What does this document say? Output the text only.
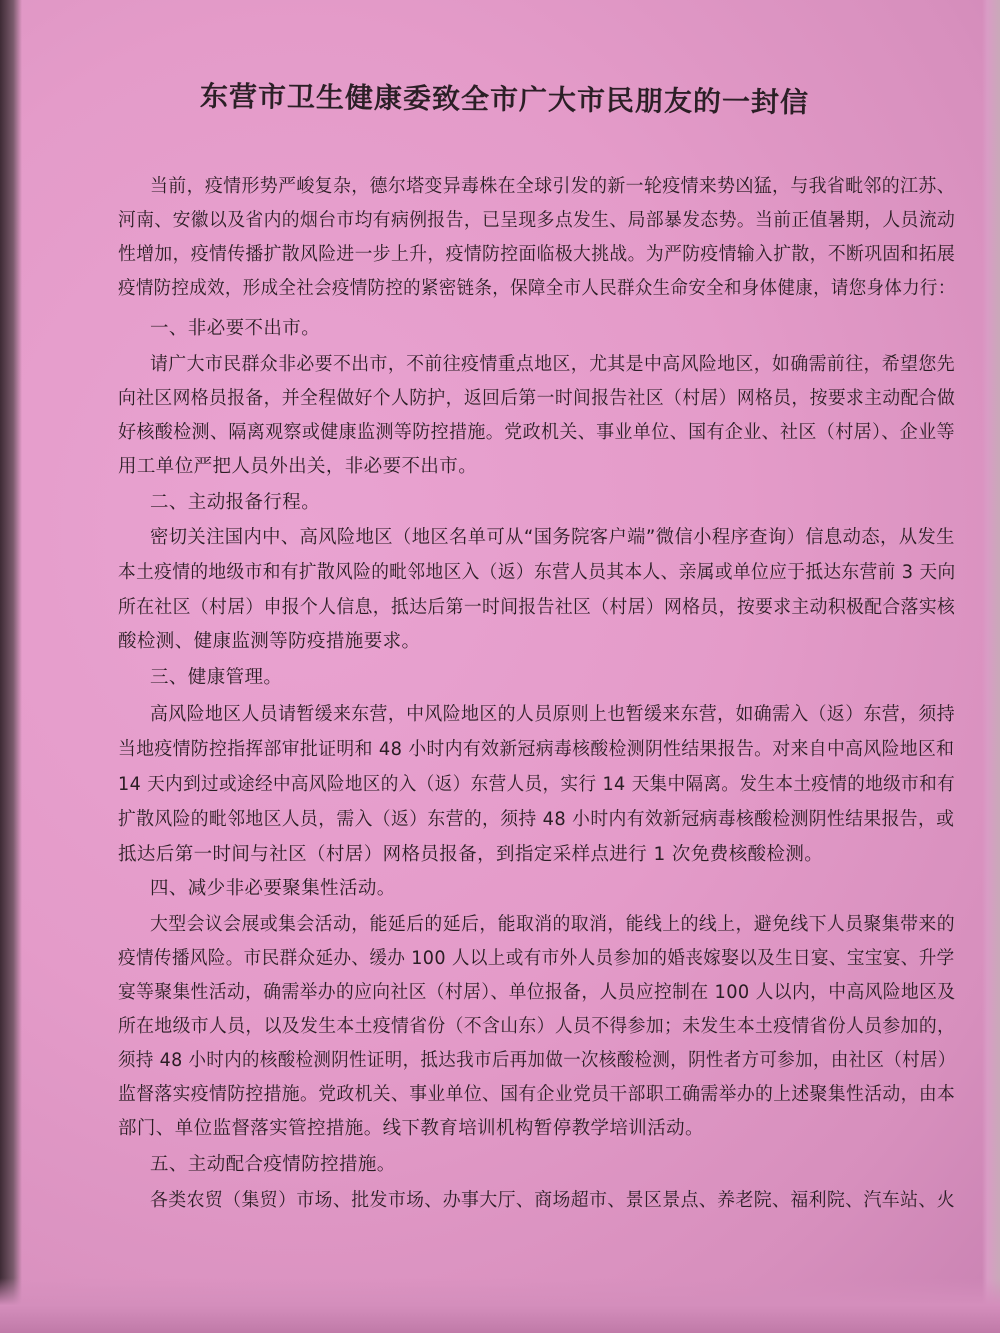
东营市卫生健康委致全市广大市民朋友的一封信
当前，疫情形势严峻复杂，德尔塔变异毒株在全球引发的新一轮疫情来势凶猛，与我省毗邻的江苏、
河南、安徽以及省内的烟台市均有病例报告，已呈现多点发生、局部暴发态势。当前正值暑期，人员流动
性增加，疫情传播扩散风险进一步上升，疫情防控面临极大挑战。为严防疫情输入扩散，不断巩固和拓展
疫情防控成效，形成全社会疫情防控的紧密链条，保障全市人民群众生命安全和身体健康，请您身体力行：
一、非必要不出市。
请广大市民群众非必要不出市，不前往疫情重点地区，尤其是中高风险地区，如确需前往，希望您先
向社区网格员报备，并全程做好个人防护，返回后第一时间报告社区（村居）网格员，按要求主动配合做
好核酸检测、隔离观察或健康监测等防控措施。党政机关、事业单位、国有企业、社区（村居）、企业等
用工单位严把人员外出关，非必要不出市。
二、主动报备行程。
密切关注国内中、高风险地区（地区名单可从“国务院客户端”微信小程序查询）信息动态，从发生
本土疫情的地级市和有扩散风险的毗邻地区入（返）东营人员其本人、亲属或单位应于抵达东营前 3 天向
所在社区（村居）申报个人信息，抵达后第一时间报告社区（村居）网格员，按要求主动积极配合落实核
酸检测、健康监测等防疫措施要求。
三、健康管理。
高风险地区人员请暂缓来东营，中风险地区的人员原则上也暂缓来东营，如确需入（返）东营，须持
当地疫情防控指挥部审批证明和 48 小时内有效新冠病毒核酸检测阴性结果报告。对来自中高风险地区和
14 天内到过或途经中高风险地区的入（返）东营人员，实行 14 天集中隔离。发生本土疫情的地级市和有
扩散风险的毗邻地区人员，需入（返）东营的，须持 48 小时内有效新冠病毒核酸检测阴性结果报告，或
抵达后第一时间与社区（村居）网格员报备，到指定采样点进行 1 次免费核酸检测。
四、减少非必要聚集性活动。
大型会议会展或集会活动，能延后的延后，能取消的取消，能线上的线上，避免线下人员聚集带来的
疫情传播风险。市民群众延办、缓办 100 人以上或有市外人员参加的婚丧嫁娶以及生日宴、宝宝宴、升学
宴等聚集性活动，确需举办的应向社区（村居）、单位报备，人员应控制在 100 人以内，中高风险地区及
所在地级市人员，以及发生本土疫情省份（不含山东）人员不得参加；未发生本土疫情省份人员参加的，
须持 48 小时内的核酸检测阴性证明，抵达我市后再加做一次核酸检测，阴性者方可参加，由社区（村居）
监督落实疫情防控措施。党政机关、事业单位、国有企业党员干部职工确需举办的上述聚集性活动，由本
部门、单位监督落实管控措施。线下教育培训机构暂停教学培训活动。
五、主动配合疫情防控措施。
各类农贸（集贸）市场、批发市场、办事大厅、商场超市、景区景点、养老院、福利院、汽车站、火
